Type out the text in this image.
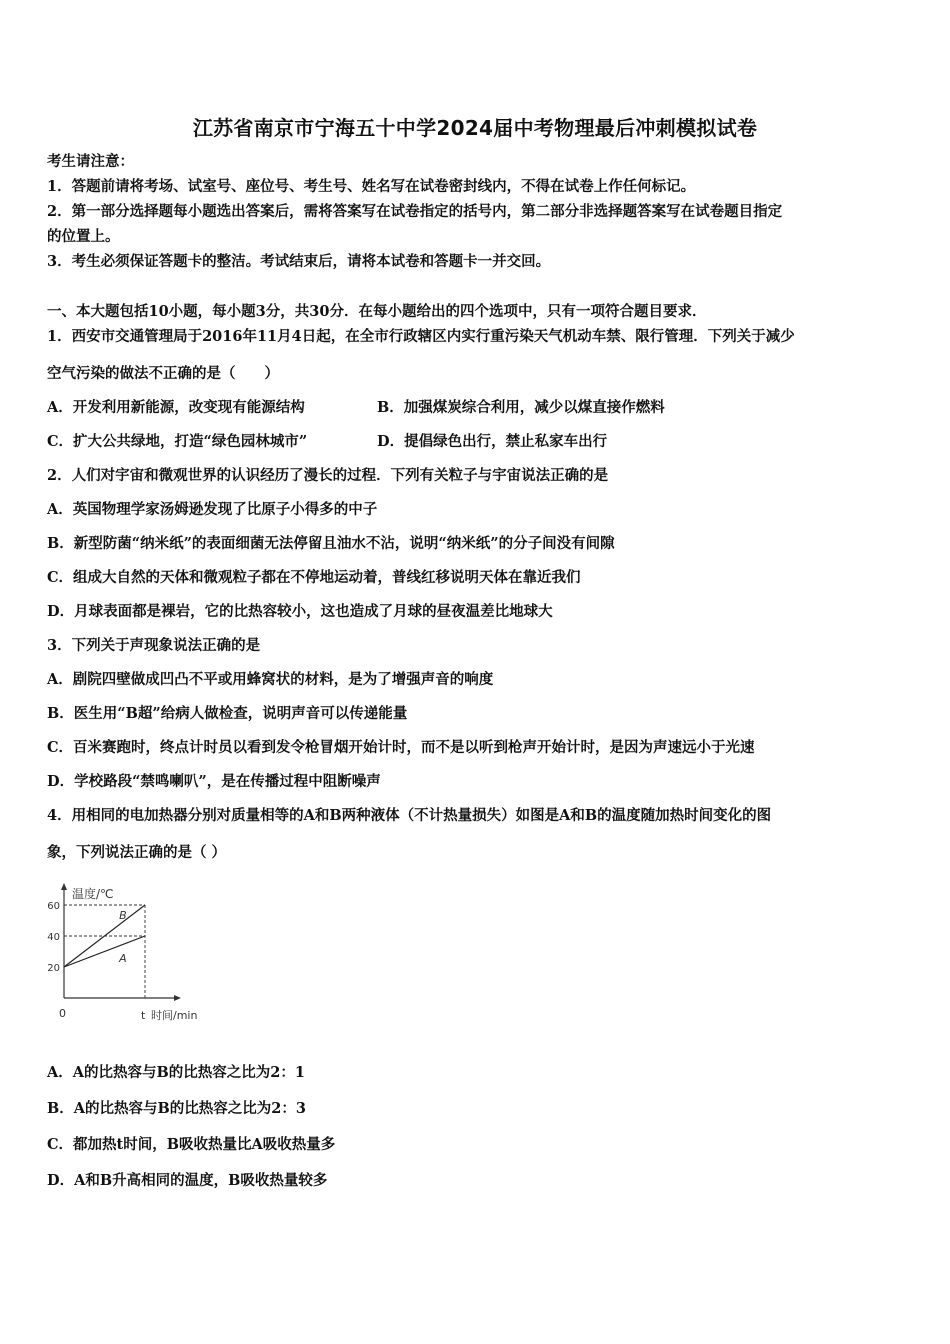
江苏省南京市宁海五十中学2024届中考物理最后冲刺模拟试卷
考生请注意：
1．答题前请将考场、试室号、座位号、考生号、姓名写在试卷密封线内，不得在试卷上作任何标记。
2．第一部分选择题每小题选出答案后，需将答案写在试卷指定的括号内，第二部分非选择题答案写在试卷题目指定
的位置上。
3．考生必须保证答题卡的整洁。考试结束后，请将本试卷和答题卡一并交回。
一、本大题包括10小题，每小题3分，共30分．在每小题给出的四个选项中，只有一项符合题目要求．
1．西安市交通管理局于2016年11月4日起，在全市行政辖区内实行重污染天气机动车禁、限行管理．下列关于减少
空气污染的做法不正确的是（　　）
A．开发利用新能源，改变现有能源结构	B．加强煤炭综合利用，减少以煤直接作燃料
C．扩大公共绿地，打造“绿色园林城市”	D．提倡绿色出行，禁止私家车出行
2．人们对宇宙和微观世界的认识经历了漫长的过程．下列有关粒子与宇宙说法正确的是
A．英国物理学家汤姆逊发现了比原子小得多的中子
B．新型防菌“纳米纸”的表面细菌无法停留且油水不沾，说明“纳米纸”的分子间没有间隙
C．组成大自然的天体和微观粒子都在不停地运动着，普线红移说明天体在靠近我们
D．月球表面都是裸岩，它的比热容较小，这也造成了月球的昼夜温差比地球大
3．下列关于声现象说法正确的是
A．剧院四壁做成凹凸不平或用蜂窝状的材料，是为了增强声音的响度
B．医生用“B超”给病人做检查，说明声音可以传递能量
C．百米赛跑时，终点计时员以看到发令枪冒烟开始计时，而不是以听到枪声开始计时，是因为声速远小于光速
D．学校路段“禁鸣喇叭”，是在传播过程中阻断噪声
4．用相同的电加热器分别对质量相等的A和B两种液体（不计热量损失）如图是A和B的温度随加热时间变化的图
象，下列说法正确的是（ ）
温度/℃
0	t 时间/min
20
40
60
B
A
A．A的比热容与B的比热容之比为2：1
B．A的比热容与B的比热容之比为2：3
C．都加热t时间，B吸收热量比A吸收热量多
D．A和B升高相同的温度，B吸收热量较多
